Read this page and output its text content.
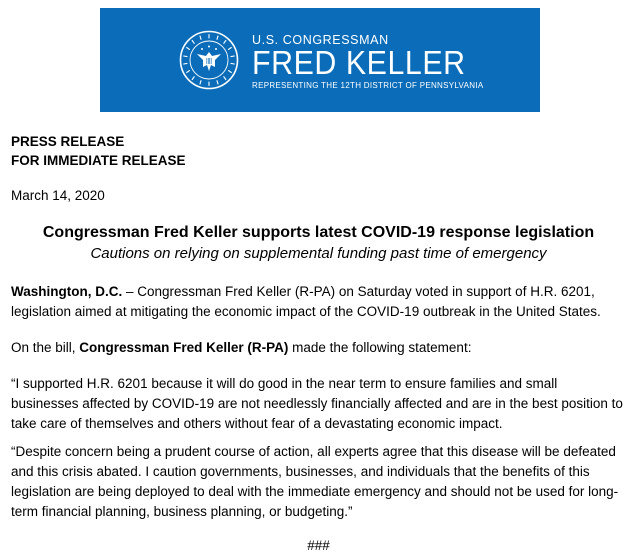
U.S. CONGRESSMAN
FRED KELLER
REPRESENTING THE 12TH DISTRICT OF PENNSYLVANIA
PRESS RELEASE
FOR IMMEDIATE RELEASE
March 14, 2020
Congressman Fred Keller supports latest COVID-19 response legislation
Cautions on relying on supplemental funding past time of emergency
Washington, D.C. – Congressman Fred Keller (R-PA) on Saturday voted in support of H.R. 6201, legislation aimed at mitigating the economic impact of the COVID-19 outbreak in the United States.
On the bill, Congressman Fred Keller (R-PA) made the following statement:
“I supported H.R. 6201 because it will do good in the near term to ensure families and small businesses affected by COVID-19 are not needlessly financially affected and are in the best position to take care of themselves and others without fear of a devastating economic impact.
“Despite concern being a prudent course of action, all experts agree that this disease will be defeated and this crisis abated. I caution governments, businesses, and individuals that the benefits of this legislation are being deployed to deal with the immediate emergency and should not be used for long-term financial planning, business planning, or budgeting.”
###
